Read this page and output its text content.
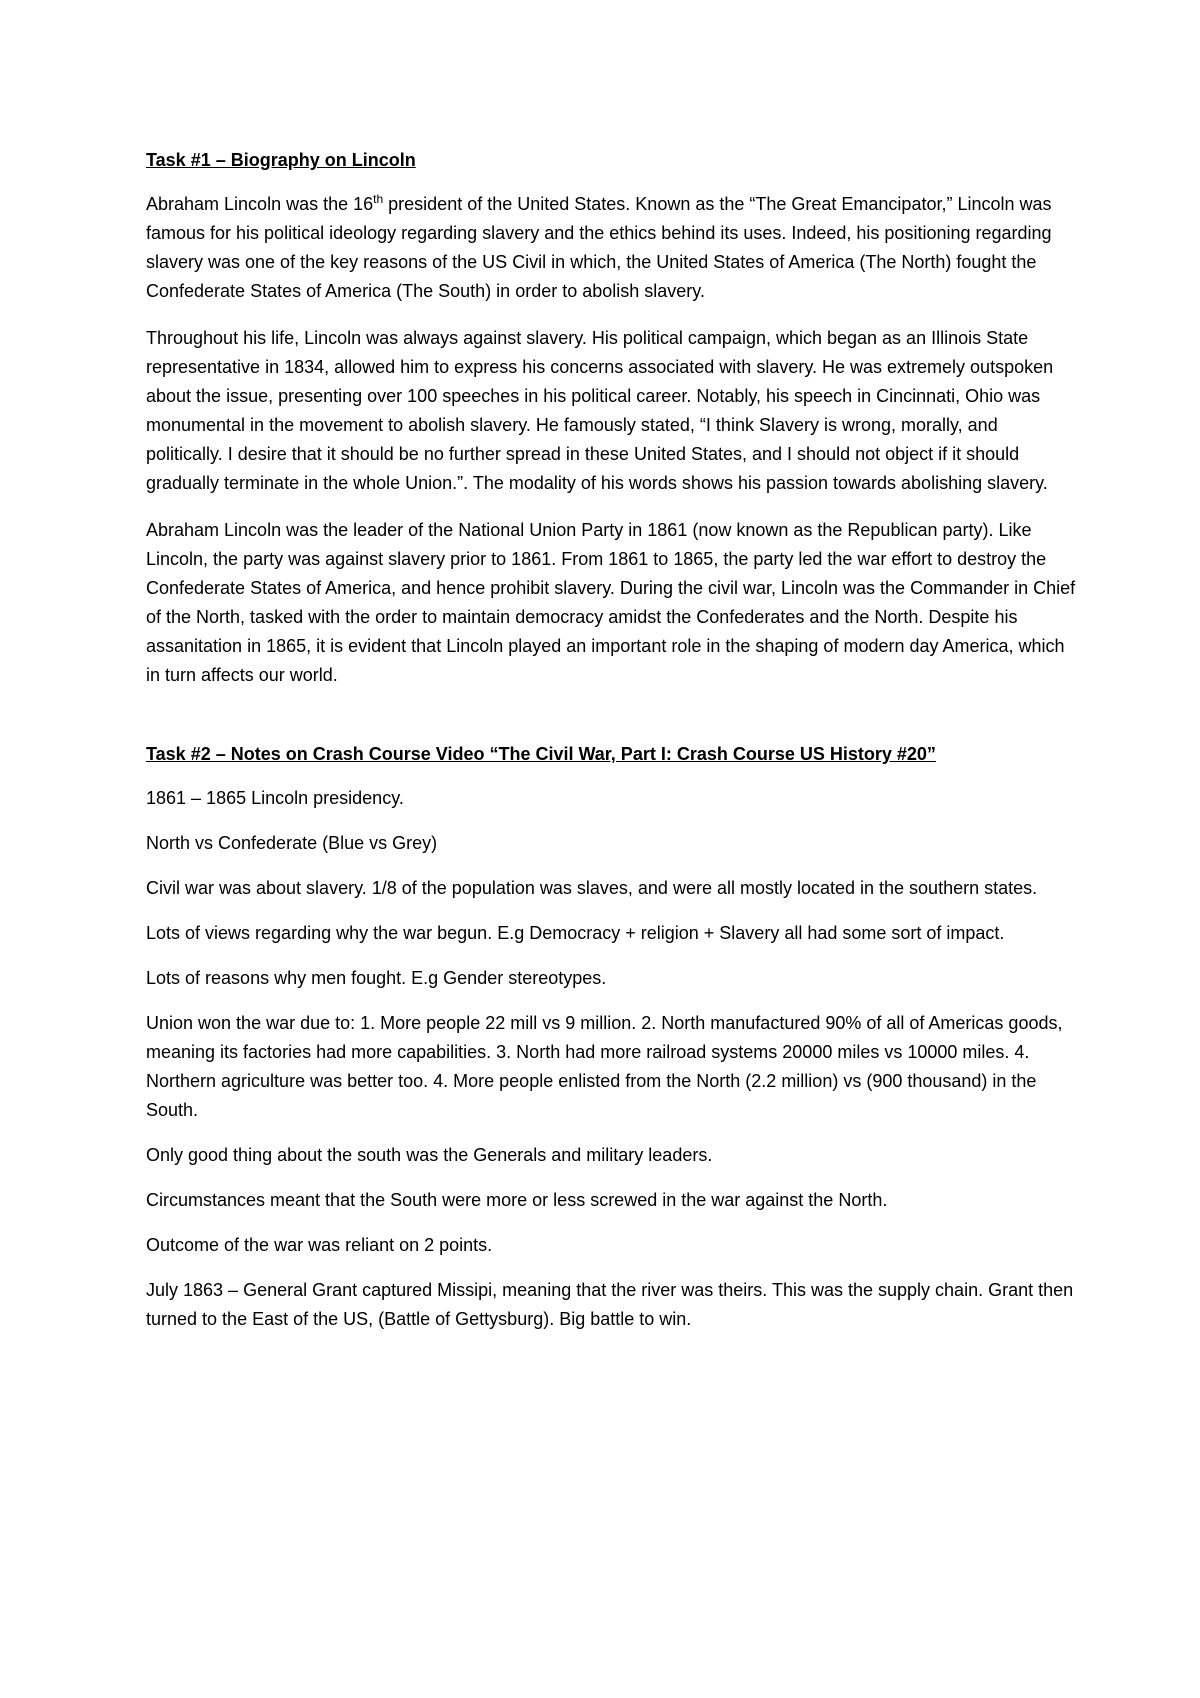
Task #1 – Biography on Lincoln

Abraham Lincoln was the 16th president of the United States. Known as the “The Great Emancipator,” Lincoln was famous for his political ideology regarding slavery and the ethics behind its uses. Indeed, his positioning regarding slavery was one of the key reasons of the US Civil in which, the United States of America (The North) fought the Confederate States of America (The South) in order to abolish slavery.

Throughout his life, Lincoln was always against slavery. His political campaign, which began as an Illinois State representative in 1834, allowed him to express his concerns associated with slavery. He was extremely outspoken about the issue, presenting over 100 speeches in his political career. Notably, his speech in Cincinnati, Ohio was monumental in the movement to abolish slavery. He famously stated, “I think Slavery is wrong, morally, and politically. I desire that it should be no further spread in these United States, and I should not object if it should gradually terminate in the whole Union.”. The modality of his words shows his passion towards abolishing slavery.

Abraham Lincoln was the leader of the National Union Party in 1861 (now known as the Republican party). Like Lincoln, the party was against slavery prior to 1861. From 1861 to 1865, the party led the war effort to destroy the Confederate States of America, and hence prohibit slavery. During the civil war, Lincoln was the Commander in Chief of the North, tasked with the order to maintain democracy amidst the Confederates and the North. Despite his assanitation in 1865, it is evident that Lincoln played an important role in the shaping of modern day America, which in turn affects our world.

Task #2 – Notes on Crash Course Video “The Civil War, Part I: Crash Course US History #20”

1861 – 1865 Lincoln presidency.

North vs Confederate (Blue vs Grey)

Civil war was about slavery. 1/8 of the population was slaves, and were all mostly located in the southern states.

Lots of views regarding why the war begun. E.g Democracy + religion + Slavery all had some sort of impact.

Lots of reasons why men fought. E.g Gender stereotypes.

Union won the war due to: 1. More people 22 mill vs 9 million. 2. North manufactured 90% of all of Americas goods, meaning its factories had more capabilities. 3. North had more railroad systems 20000 miles vs 10000 miles. 4. Northern agriculture was better too. 4. More people enlisted from the North (2.2 million) vs (900 thousand) in the South.

Only good thing about the south was the Generals and military leaders.

Circumstances meant that the South were more or less screwed in the war against the North.

Outcome of the war was reliant on 2 points.

July 1863 – General Grant captured Missipi, meaning that the river was theirs. This was the supply chain. Grant then turned to the East of the US, (Battle of Gettysburg). Big battle to win.
